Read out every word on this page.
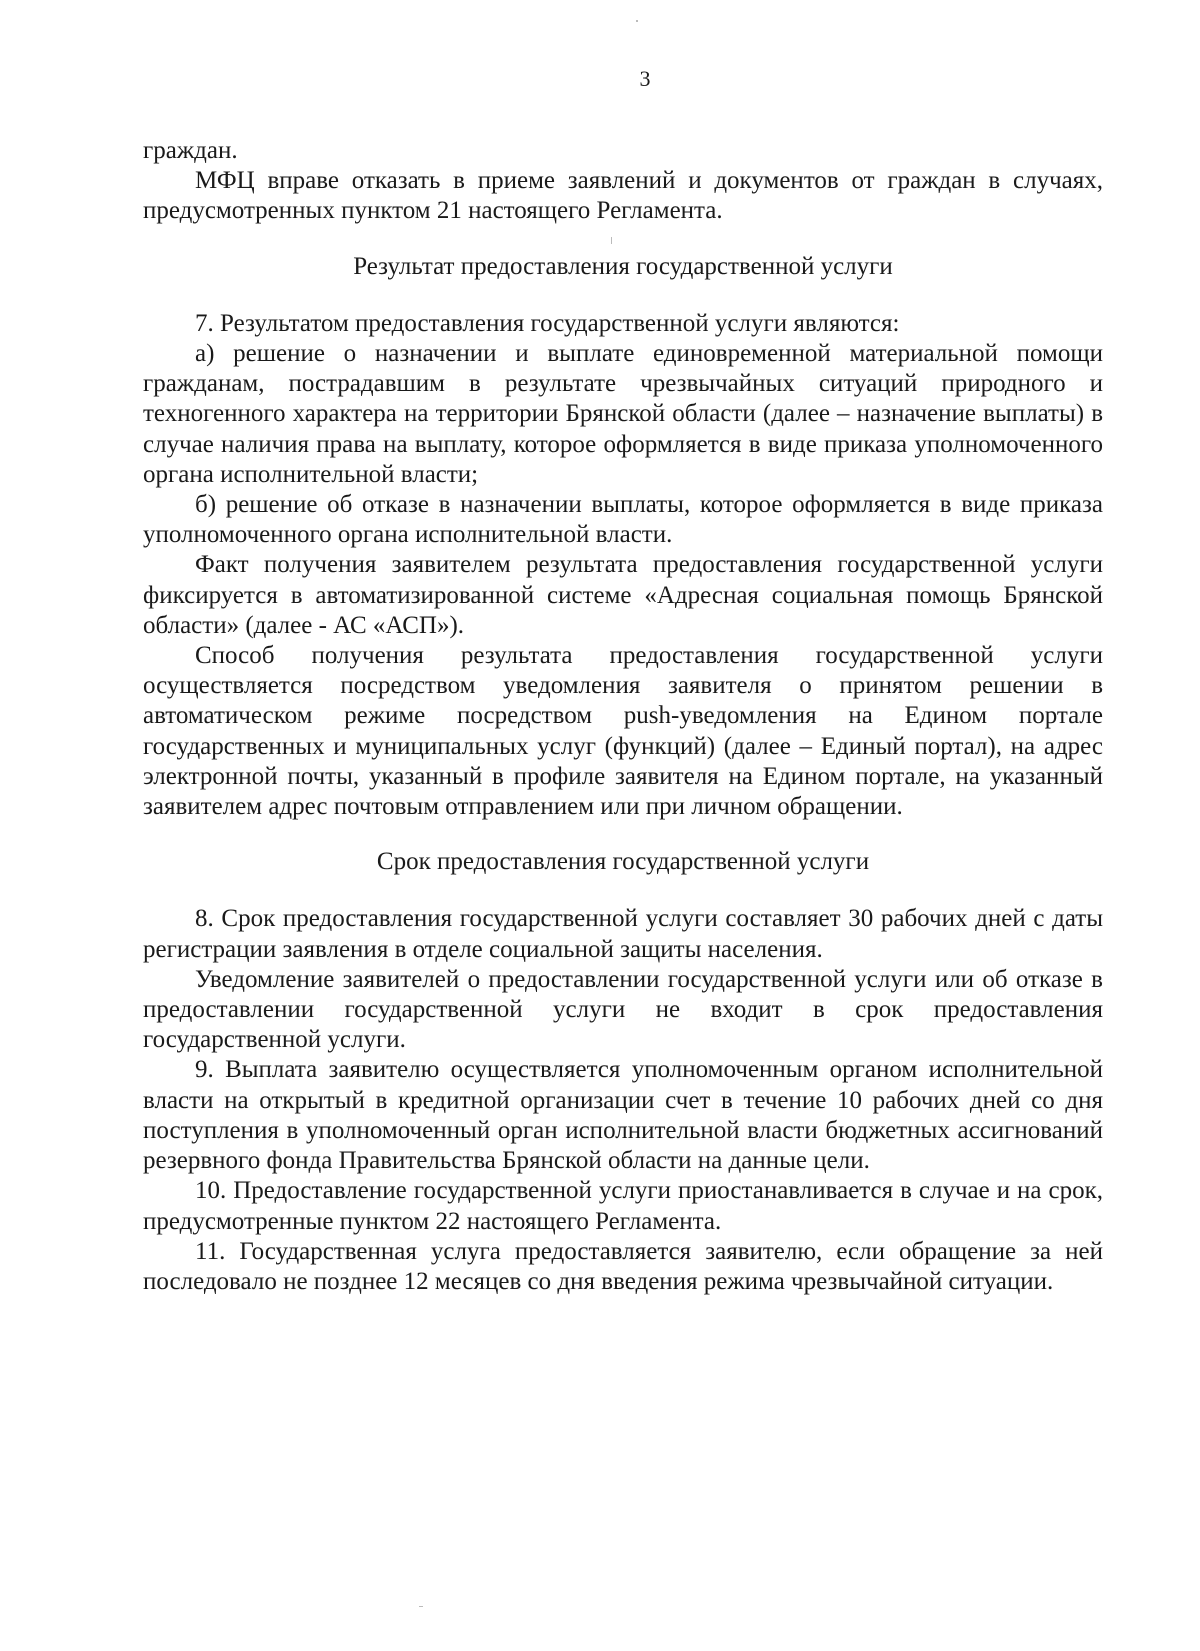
3

граждан.

МФЦ вправе отказать в приеме заявлений и документов от граждан в случаях, предусмотренных пунктом 21 настоящего Регламента.

Результат предоставления государственной услуги

7. Результатом предоставления государственной услуги являются:

а) решение о назначении и выплате единовременной материальной помощи гражданам, пострадавшим в результате чрезвычайных ситуаций природного и техногенного характера на территории Брянской области (далее – назначение выплаты) в случае наличия права на выплату, которое оформляется в виде приказа уполномоченного органа исполнительной власти;

б) решение об отказе в назначении выплаты, которое оформляется в виде приказа уполномоченного органа исполнительной власти.

Факт получения заявителем результата предоставления государственной услуги фиксируется в автоматизированной системе «Адресная социальная помощь Брянской области» (далее - АС «АСП»).

Способ получения результата предоставления государственной услуги осуществляется посредством уведомления заявителя о принятом решении в автоматическом режиме посредством push-уведомления на Едином портале государственных и муниципальных услуг (функций) (далее – Единый портал), на адрес электронной почты, указанный в профиле заявителя на Едином портале, на указанный заявителем адрес почтовым отправлением или при личном обращении.

Срок предоставления государственной услуги

8. Срок предоставления государственной услуги составляет 30 рабочих дней с даты регистрации заявления в отделе социальной защиты населения.

Уведомление заявителей о предоставлении государственной услуги или об отказе в предоставлении государственной услуги не входит в срок предоставления государственной услуги.

9. Выплата заявителю осуществляется уполномоченным органом исполнительной власти на открытый в кредитной организации счет в течение 10 рабочих дней со дня поступления в уполномоченный орган исполнительной власти бюджетных ассигнований резервного фонда Правительства Брянской области на данные цели.

10. Предоставление государственной услуги приостанавливается в случае и на срок, предусмотренные пунктом 22 настоящего Регламента.

11. Государственная услуга предоставляется заявителю, если обращение за ней последовало не позднее 12 месяцев со дня введения режима чрезвычайной ситуации.
